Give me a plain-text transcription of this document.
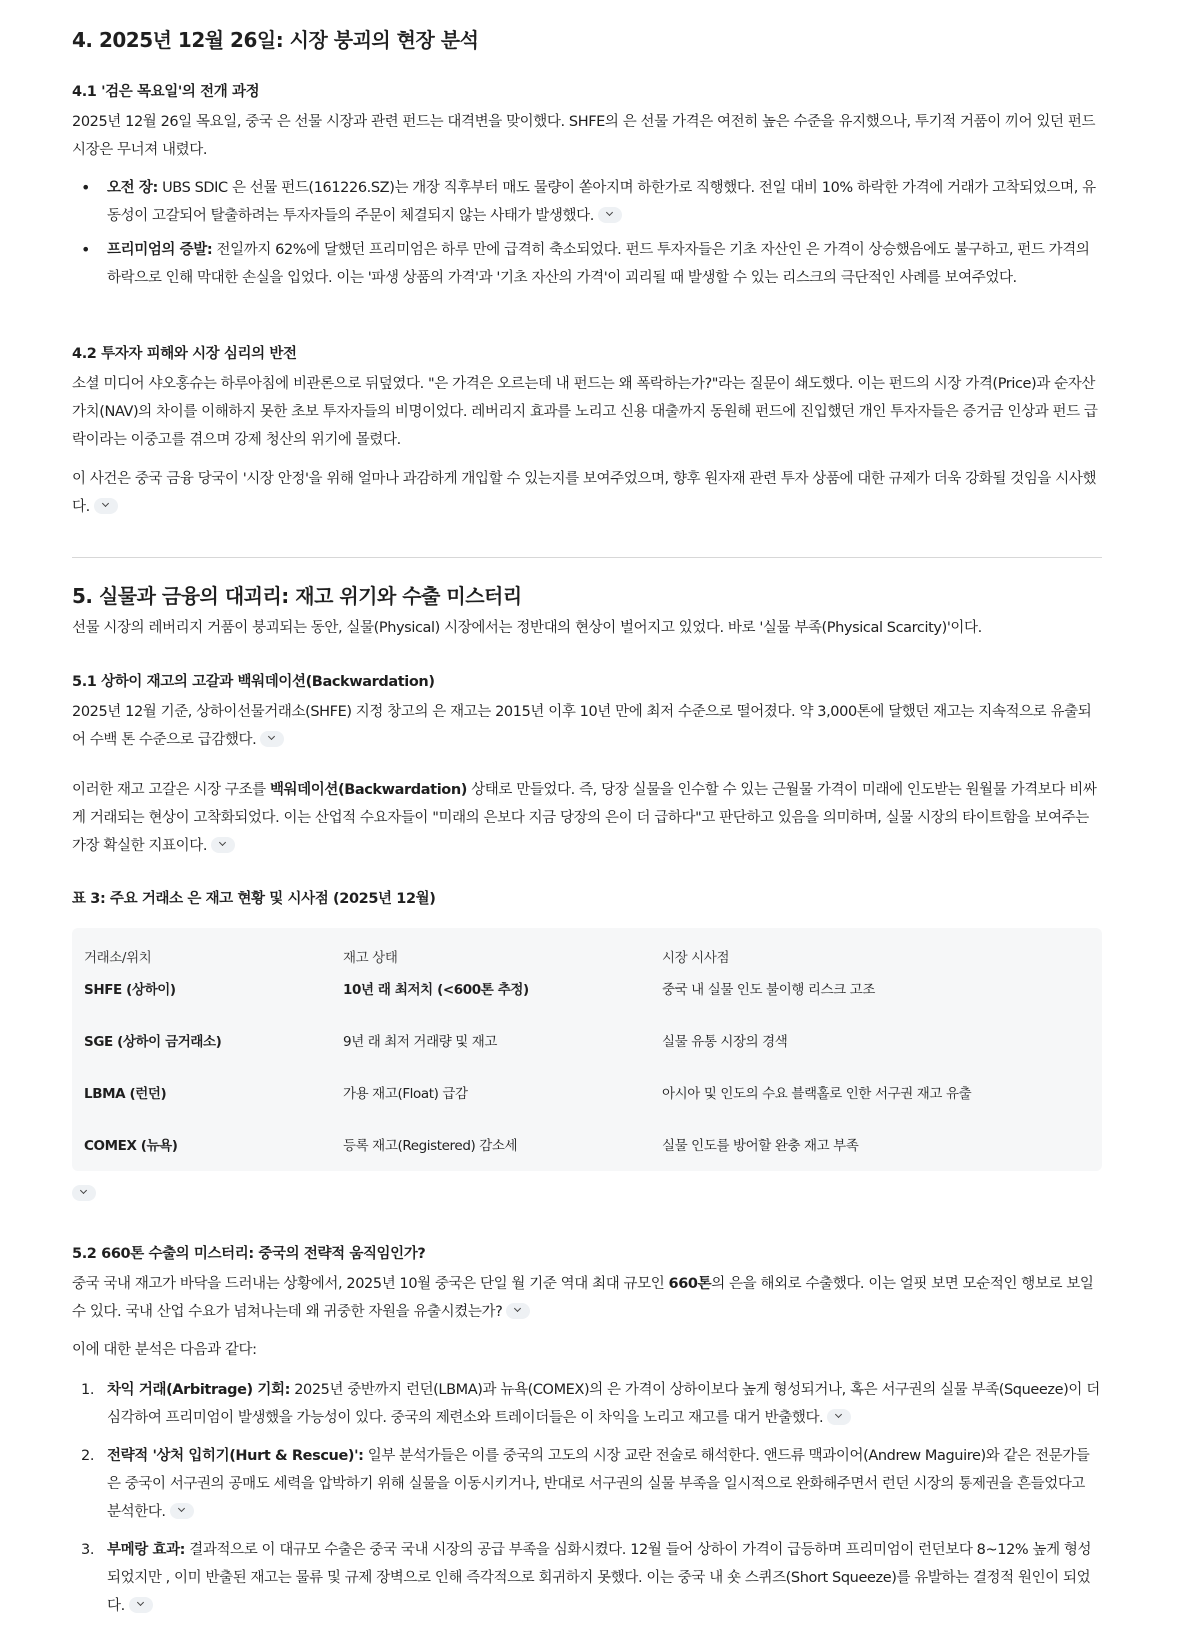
4. 2025년 12월 26일: 시장 붕괴의 현장 분석
4.1 '검은 목요일'의 전개 과정

2025년 12월 26일 목요일, 중국 은 선물 시장과 관련 펀드는 대격변을 맞이했다. SHFE의 은 선물 가격은 여전히 높은 수준을 유지했으나, 투기적 거품이 끼어 있던 펀드 시장은 무너져 내렸다.

• 오전 장: UBS SDIC 은 선물 펀드(161226.SZ)는 개장 직후부터 매도 물량이 쏟아지며 하한가로 직행했다. 전일 대비 10% 하락한 가격에 거래가 고착되었으며, 유동성이 고갈되어 탈출하려는 투자자들의 주문이 체결되지 않는 사태가 발생했다.
• 프리미엄의 증발: 전일까지 62%에 달했던 프리미엄은 하루 만에 급격히 축소되었다. 펀드 투자자들은 기초 자산인 은 가격이 상승했음에도 불구하고, 펀드 가격의 하락으로 인해 막대한 손실을 입었다. 이는 '파생 상품의 가격'과 '기초 자산의 가격'이 괴리될 때 발생할 수 있는 리스크의 극단적인 사례를 보여주었다.
4.2 투자자 피해와 시장 심리의 반전

소셜 미디어 샤오홍슈는 하루아침에 비관론으로 뒤덮였다. "은 가격은 오르는데 내 펀드는 왜 폭락하는가?"라는 질문이 쇄도했다. 이는 펀드의 시장 가격(Price)과 순자산가치(NAV)의 차이를 이해하지 못한 초보 투자자들의 비명이었다. 레버리지 효과를 노리고 신용 대출까지 동원해 펀드에 진입했던 개인 투자자들은 증거금 인상과 펀드 급락이라는 이중고를 겪으며 강제 청산의 위기에 몰렸다.

이 사건은 중국 금융 당국이 '시장 안정'을 위해 얼마나 과감하게 개입할 수 있는지를 보여주었으며, 향후 원자재 관련 투자 상품에 대한 규제가 더욱 강화될 것임을 시사했다.

5. 실물과 금융의 대괴리: 재고 위기와 수출 미스터리

선물 시장의 레버리지 거품이 붕괴되는 동안, 실물(Physical) 시장에서는 정반대의 현상이 벌어지고 있었다. 바로 '실물 부족(Physical Scarcity)'이다.

5.1 상하이 재고의 고갈과 백워데이션(Backwardation)

2025년 12월 기준, 상하이선물거래소(SHFE) 지정 창고의 은 재고는 2015년 이후 10년 만에 최저 수준으로 떨어졌다. 약 3,000톤에 달했던 재고는 지속적으로 유출되어 수백 톤 수준으로 급감했다.

이러한 재고 고갈은 시장 구조를 백워데이션(Backwardation) 상태로 만들었다. 즉, 당장 실물을 인수할 수 있는 근월물 가격이 미래에 인도받는 원월물 가격보다 비싸게 거래되는 현상이 고착화되었다. 이는 산업적 수요자들이 "미래의 은보다 지금 당장의 은이 더 급하다"고 판단하고 있음을 의미하며, 실물 시장의 타이트함을 보여주는 가장 확실한 지표이다.

표 3: 주요 거래소 은 재고 현황 및 시사점 (2025년 12월)
거래소/위치	재고 상태	시장 시사점
SHFE (상하이)	10년 래 최저치 (<600톤 추정)	중국 내 실물 인도 불이행 리스크 고조
SGE (상하이 금거래소)	9년 래 최저 거래량 및 재고	실물 유통 시장의 경색
LBMA (런던)	가용 재고(Float) 급감	아시아 및 인도의 수요 블랙홀로 인한 서구권 재고 유출
COMEX (뉴욕)	등록 재고(Registered) 감소세	실물 인도를 방어할 완충 재고 부족
5.2 660톤 수출의 미스터리: 중국의 전략적 움직임인가?

중국 국내 재고가 바닥을 드러내는 상황에서, 2025년 10월 중국은 단일 월 기준 역대 최대 규모인 660톤의 은을 해외로 수출했다. 이는 얼핏 보면 모순적인 행보로 보일 수 있다. 국내 산업 수요가 넘쳐나는데 왜 귀중한 자원을 유출시켰는가?

이에 대한 분석은 다음과 같다:

1. 차익 거래(Arbitrage) 기회: 2025년 중반까지 런던(LBMA)과 뉴욕(COMEX)의 은 가격이 상하이보다 높게 형성되거나, 혹은 서구권의 실물 부족(Squeeze)이 더 심각하여 프리미엄이 발생했을 가능성이 있다. 중국의 제련소와 트레이더들은 이 차익을 노리고 재고를 대거 반출했다.
2. 전략적 '상처 입히기(Hurt & Rescue)': 일부 분석가들은 이를 중국의 고도의 시장 교란 전술로 해석한다. 앤드류 맥과이어(Andrew Maguire)와 같은 전문가들은 중국이 서구권의 공매도 세력을 압박하기 위해 실물을 이동시키거나, 반대로 서구권의 실물 부족을 일시적으로 완화해주면서 런던 시장의 통제권을 흔들었다고 분석한다.
3. 부메랑 효과: 결과적으로 이 대규모 수출은 중국 국내 시장의 공급 부족을 심화시켰다. 12월 들어 상하이 가격이 급등하며 프리미엄이 런던보다 8~12% 높게 형성되었지만 , 이미 반출된 재고는 물류 및 규제 장벽으로 인해 즉각적으로 회귀하지 못했다. 이는 중국 내 숏 스퀴즈(Short Squeeze)를 유발하는 결정적 원인이 되었다.
